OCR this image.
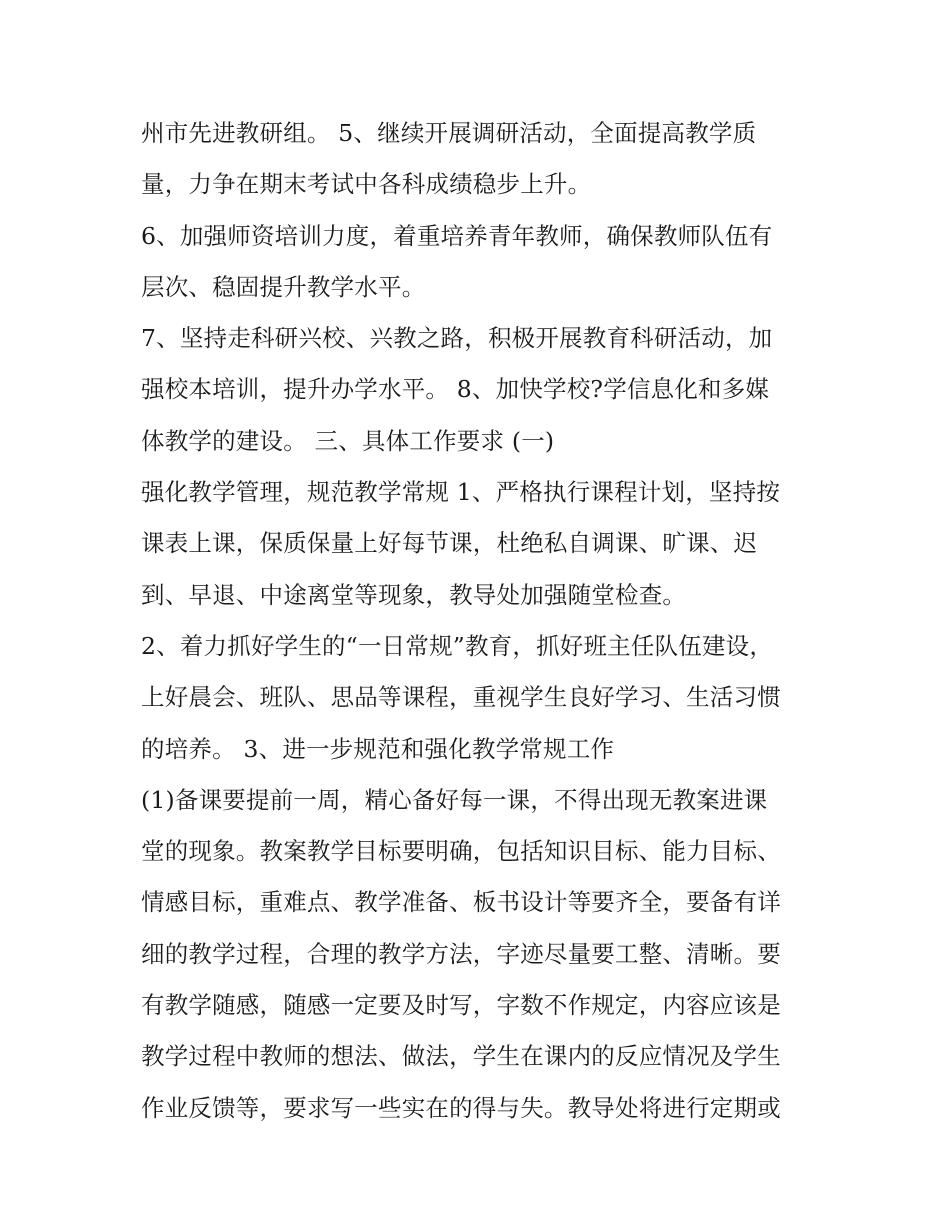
州市先进教研组。 5、继续开展调研活动，全面提高教学质
量，力争在期末考试中各科成绩稳步上升。
6、加强师资培训力度，着重培养青年教师，确保教师队伍有
层次、稳固提升教学水平。
7、坚持走科研兴校、兴教之路，积极开展教育科研活动，加
强校本培训，提升办学水平。 8、加快学校?学信息化和多媒
体教学的建设。 三、具体工作要求 (一)
强化教学管理，规范教学常规 1、严格执行课程计划，坚持按
课表上课，保质保量上好每节课，杜绝私自调课、旷课、迟
到、早退、中途离堂等现象，教导处加强随堂检查。
2、着力抓好学生的“一日常规”教育，抓好班主任队伍建设，
上好晨会、班队、思品等课程，重视学生良好学习、生活习惯
的培养。 3、进一步规范和强化教学常规工作
(1)备课要提前一周，精心备好每一课，不得出现无教案进课
堂的现象。教案教学目标要明确，包括知识目标、能力目标、
情感目标，重难点、教学准备、板书设计等要齐全，要备有详
细的教学过程，合理的教学方法，字迹尽量要工整、清晰。要
有教学随感，随感一定要及时写，字数不作规定，内容应该是
教学过程中教师的想法、做法，学生在课内的反应情况及学生
作业反馈等，要求写一些实在的得与失。教导处将进行定期或
